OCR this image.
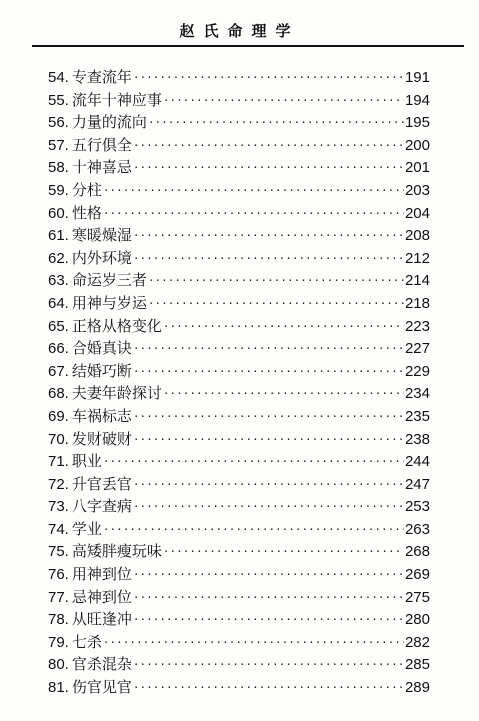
赵氏命理学
54. 专查流年 ·····	191
55. 流年十神应事 ·····	194
56. 力量的流向 ·····	195
57. 五行俱全 ·····	200
58. 十神喜忌 ·····	201
59. 分柱 ·····	203
60. 性格 ·····	204
61. 寒暖燥湿 ·····	208
62. 内外环境 ·····	212
63. 命运岁三者 ·····	214
64. 用神与岁运 ·····	218
65. 正格从格变化 ·····	223
66. 合婚真诀 ·····	227
67. 结婚巧断 ·····	229
68. 夫妻年龄探讨 ·····	234
69. 车祸标志 ·····	235
70. 发财破财 ·····	238
71. 职业 ·····	244
72. 升官丢官 ·····	247
73. 八字查病 ·····	253
74. 学业 ·····	263
75. 高矮胖瘦玩味 ·····	268
76. 用神到位 ·····	269
77. 忌神到位 ·····	275
78. 从旺逢冲 ·····	280
79. 七杀 ·····	282
80. 官杀混杂 ·····	285
81. 伤官见官 ·····	289
